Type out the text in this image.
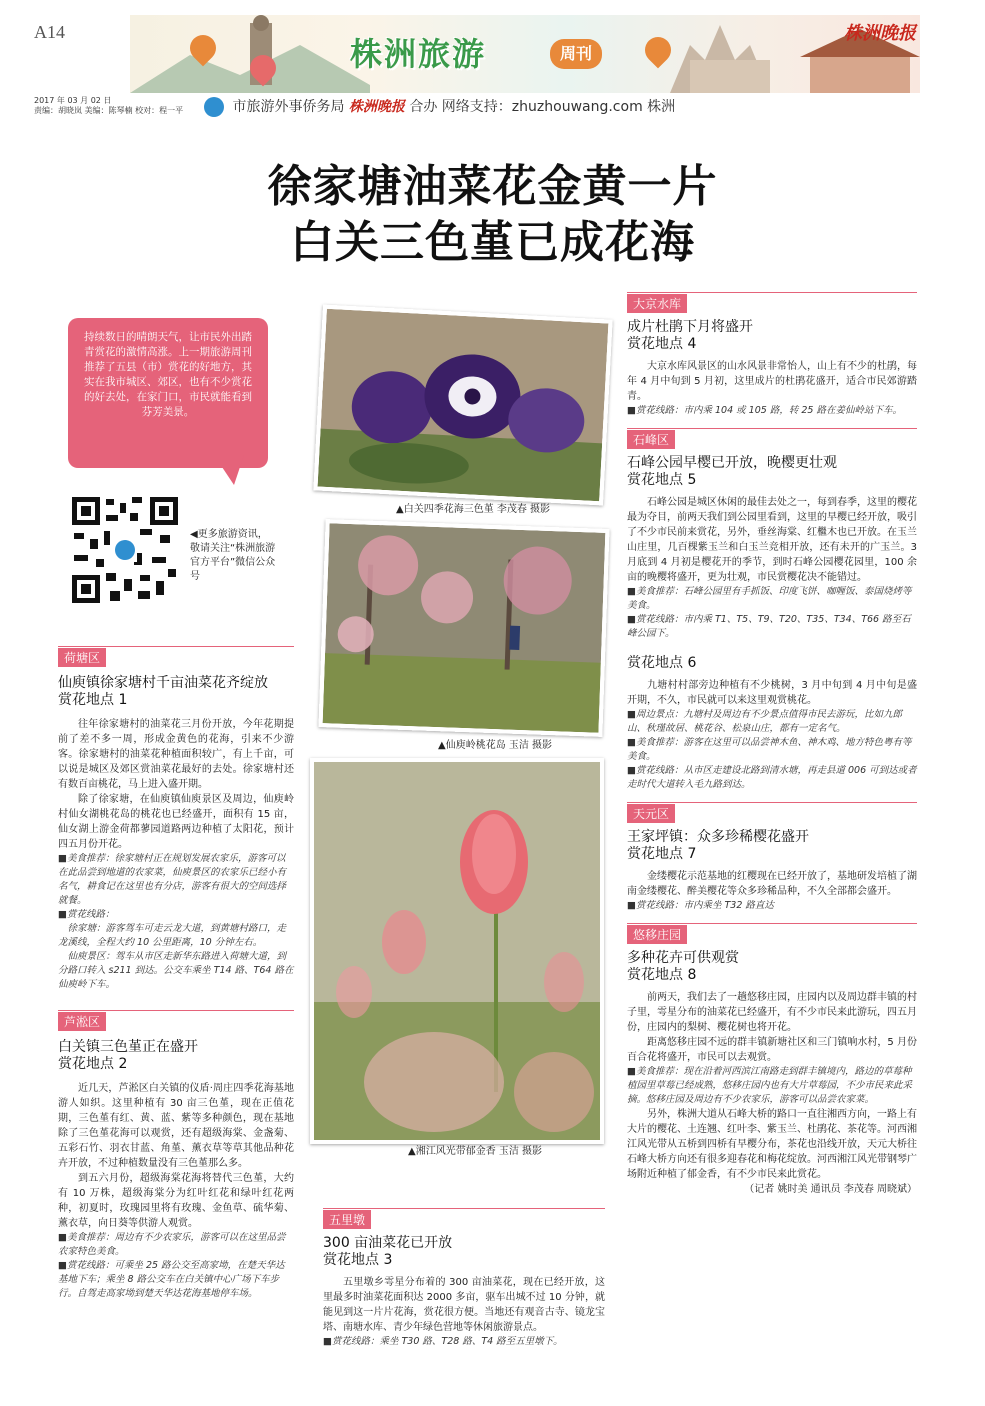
A14
株洲旅游	周刊
株洲晚报
2017 年 03 月 02 日
责编：胡晓岚 美编：陈琴楠 校对：程一平	市旅游外事侨务局 株洲晚报 合办 网络支持：zhuzhouwang.com 株洲
徐家塘油菜花金黄一片
白关三色堇已成花海
持续数日的晴朗天气，让市民外出踏青赏花的激情高涨。上一期旅游周刊推荐了五县（市）赏花的好地方，其实在我市城区、郊区，也有不少赏花的好去处，在家门口，市民就能看到芬芳美景。
▲白关四季花海三色堇 李茂春 摄影
▲仙庾岭桃花岛 玉洁 摄影
▲湘江风光带郁金香 玉洁 摄影
◀更多旅游资讯，敬请关注“株洲旅游官方平台”微信公众号
荷塘区
仙庾镇徐家塘村千亩油菜花齐绽放
赏花地点 1

往年徐家塘村的油菜花三月份开放，今年花期提前了差不多一周，形成金黄色的花海，引来不少游客。徐家塘村的油菜花种植面积较广，有上千亩，可以说是城区及郊区赏油菜花最好的去处。徐家塘村还有数百亩桃花，马上进入盛开期。

除了徐家塘，在仙庾镇仙庾景区及周边，仙庾岭村仙女湖桃花岛的桃花也已经盛开，面积有 15 亩，仙女湖上游金荷都蓼园道路两边种植了太阳花，预计四五月份开花。

■美食推荐：徐家塘村正在规划发展农家乐，游客可以在此品尝到地道的农家菜，仙庾景区的农家乐已经小有名气，耕食记在这里也有分店，游客有很大的空间选择就餐。
■赏花线路：
徐家塘：游客驾车可走云龙大道，到黄塘村路口，走龙溪线，全程大约 10 公里距离，10 分钟左右。
仙庾景区：驾车从市区走新华东路进入荷塘大道，到分路口转入 s211 到达。公交车乘坐 T14 路、T64 路在仙庾岭下车。
芦淞区
白关镇三色堇正在盛开
赏花地点 2

近几天，芦淞区白关镇的仪盾·周庄四季花海基地游人如织。这里种植有 30 亩三色堇，现在正值花期，三色堇有红、黄、蓝、紫等多种颜色，现在基地除了三色堇花海可以观赏，还有超级海棠、金盏菊、五彩石竹、羽衣甘蓝、角堇、薰衣草等草其他品种花卉开放，不过种植数量没有三色堇那么多。

到五六月份，超级海棠花海将替代三色堇，大约有 10 万株，超级海棠分为红叶红花和绿叶红花两种，初夏时，玫瑰园里将有玫瑰、金鱼草、硫华菊、薰衣草，向日葵等供游人观赏。

■美食推荐：周边有不少农家乐，游客可以在这里品尝农家特色美食。
■赏花线路：可乘坐 25 路公交至高家坳，在楚天华达基地下车；乘坐 8 路公交车在白关镇中心广场下车步行。自驾走高家坳到楚天华达花海基地停车场。
五里墩
300 亩油菜花已开放
赏花地点 3

五里墩乡雩星分布着的 300 亩油菜花，现在已经开放，这里最多时油菜花面积达 2000 多亩，驱车出城不过 10 分钟，就能见到这一片片花海，赏花很方便。当地还有观音古寺、镜龙宝塔、南塘水库、青少年绿色营地等休闲旅游景点。

■赏花线路：乘坐 T30 路、T28 路、T4 路至五里墩下。
大京水库
成片杜鹃下月将盛开
赏花地点 4

大京水库风景区的山水风景非常怡人，山上有不少的杜鹃，每年 4 月中旬到 5 月初，这里成片的杜鹃花盛开，适合市民郊游踏青。

■赏花线路：市内乘 104 或 105 路，转 25 路在姜仙岭站下车。
石峰区
石峰公园早樱已开放，晚樱更壮观
赏花地点 5

石峰公园是城区休闲的最佳去处之一，每到春季，这里的樱花最为夺目，前两天我们到公园里看到，这里的早樱已经开放，吸引了不少市民前来赏花，另外，垂丝海棠、红檵木也已开放。在玉兰山庄里，几百棵紫玉兰和白玉兰竞相开放，还有未开的广玉兰。3 月底到 4 月初是樱花开的季节，到时石峰公园樱花园里，100 余亩的晚樱将盛开，更为壮观，市民赏樱花决不能错过。

■美食推荐：石峰公园里有手抓饭、印度飞饼、咖喱饭、泰国烧烤等美食。
■赏花线路：市内乘 T1、T5、T9、T20、T35、T34、T66 路至石峰公园下。
赏花地点 6

九塘村村部旁边种植有不少桃树，3 月中旬到 4 月中旬是盛开期，不久，市民就可以来这里观赏桃花。

■周边景点：九塘村及周边有不少景点值得市民去游玩，比如九郎山、秋瑾故居、桃花谷、松泉山庄，都有一定名气。
■美食推荐：游客在这里可以品尝神木鱼、神木鸡、地方特色粤有等美食。
■赏花线路：从市区走建设北路到清水塘，再走县道 006 可到达或者走时代大道转入毛九路到达。
天元区
王家坪镇：众多珍稀樱花盛开
赏花地点 7

金缕樱花示范基地的红樱现在已经开放了，基地研发培植了湖南金缕樱花、醉美樱花等众多珍稀品种，不久全部都会盛开。

■赏花线路：市内乘坐 T32 路直达
悠移庄园
多种花卉可供观赏
赏花地点 8

前两天，我们去了一趟悠移庄园，庄园内以及周边群丰镇的村子里，雩星分布的油菜花已经盛开，有不少市民来此游玩，四五月份，庄园内的梨树、樱花树也将开花。

距离悠移庄园不远的群丰镇新塘社区和三门镇响水村，5 月份百合花将盛开，市民可以去观赏。

■美食推荐：现在沿着河西滨江南路走到群丰镇境内，路边的草莓种植园里草莓已经成熟，悠移庄园内也有大片草莓园，不少市民来此采摘。悠移庄园及周边有不少农家乐，游客可以品尝农家菜。

另外，株洲大道从石峰大桥的路口一直往湘西方向，一路上有大片的樱花、土连翘、红叶李、紫玉兰、杜鹃花、茶花等。河西湘江风光带从五桥到四桥有早樱分布，茶花也沿线开放，天元大桥往石峰大桥方向还有很多迎春花和梅花绽放。河西湘江风光带钢琴广场附近种植了郁金香，有不少市民来此赏花。

（记者 姚时美 通讯员 李茂春 周晓斌）
